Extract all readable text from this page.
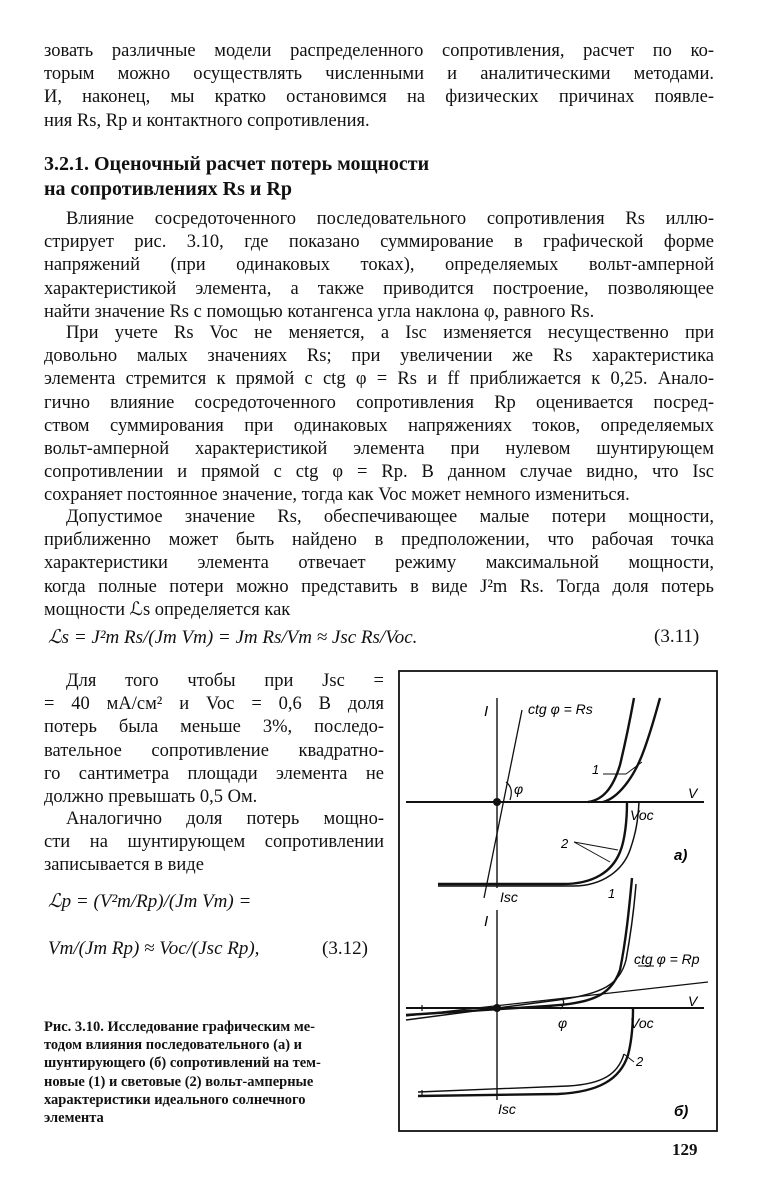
зовать различные модели распределенного сопротивления, расчет по ко-
торым можно осуществлять численными и аналитическими методами.
И, наконец, мы кратко остановимся на физических причинах появле-
ния Rs, Rp и контактного сопротивления.
3.2.1. Оценочный расчет потерь мощности
на сопротивлениях Rs и Rp
Влияние сосредоточенного последовательного сопротивления Rs иллю-
стрирует рис. 3.10, где показано суммирование в графической форме
напряжений (при одинаковых токах), определяемых вольт-амперной
характеристикой элемента, а также приводится построение, позволяющее
найти значение Rs с помощью котангенса угла наклона φ, равного Rs.
При учете Rs Voc не меняется, а Isc изменяется несущественно при
довольно малых значениях Rs; при увеличении же Rs характеристика
элемента стремится к прямой с ctg φ = Rs и ff приближается к 0,25. Анало-
гично влияние сосредоточенного сопротивления Rp оценивается посред-
ством суммирования при одинаковых напряжениях токов, определяемых
вольт-амперной характеристикой элемента при нулевом шунтирующем
сопротивлении и прямой с ctg φ = Rp. В данном случае видно, что Isc
сохраняет постоянное значение, тогда как Voc может немного измениться.
Допустимое значение Rs, обеспечивающее малые потери мощности,
приближенно может быть найдено в предположении, что рабочая точка
характеристики элемента отвечает режиму максимальной мощности,
когда полные потери можно представить в виде J²m Rs. Тогда доля потерь
мощности ℒs определяется как
ℒs = J²m Rs/(Jm Vm) = Jm Rs/Vm ≈ Jsc Rs/Voc.	(3.11)
Для того чтобы при Jsc =
= 40 мА/см² и Voc = 0,6 В доля
потерь была меньше 3%, последо-
вательное сопротивление квадратно-
го сантиметра площади элемента не
должно превышать 0,5 Ом.
Аналогично доля потерь мощно-
сти на шунтирующем сопротивлении
записывается в виде
ℒp = (V²m/Rp)/(Jm Vm) =
Vm/(Jm Rp) ≈ Voc/(Jsc Rp),	(3.12)
Рис. 3.10. Исследование графическим ме-
тодом влияния последовательного (а) и
шунтирующего (б) сопротивлений на тем-
новые (1) и световые (2) вольт-амперные
характеристики идеального солнечного
элемента
I	ctg φ = Rs
φ
1
2
V
Voc
Isc
а)
I
ctg φ = Rp
φ
1
2
V
Voc
Isc	б)
129
